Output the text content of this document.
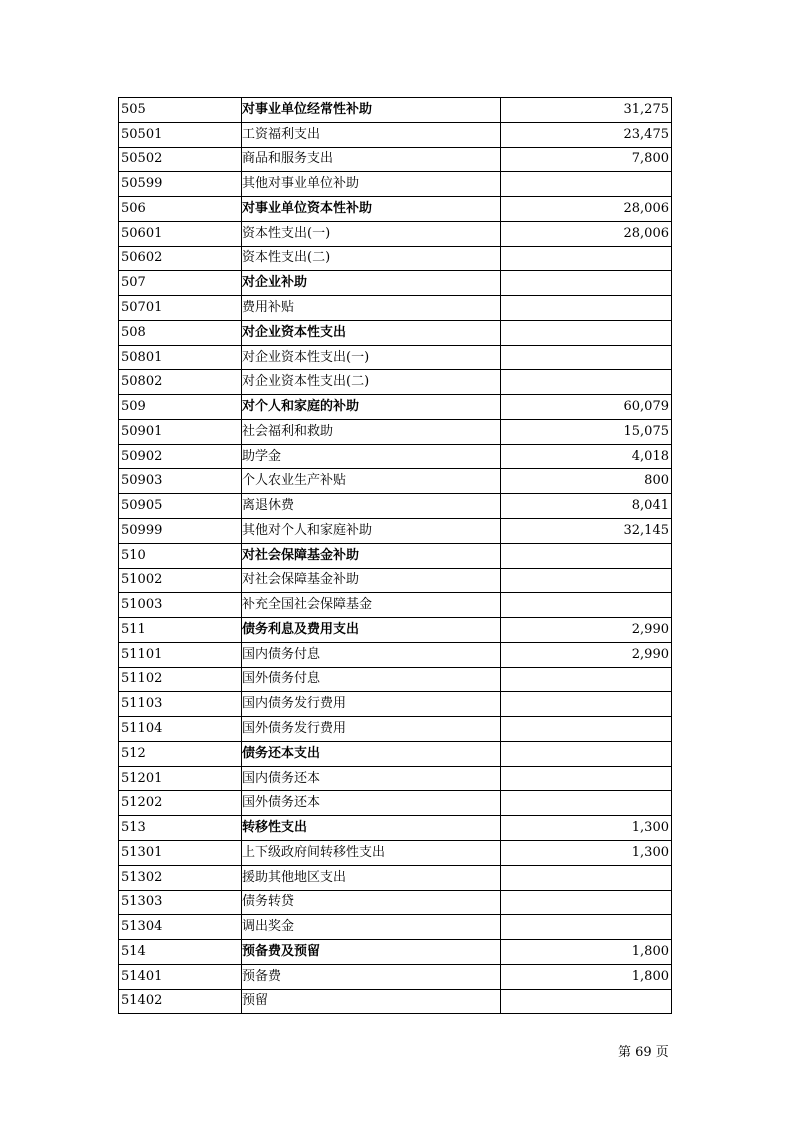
505	对事业单位经常性补助	31,275
50501	工资福利支出	23,475
50502	商品和服务支出	7,800
50599	其他对事业单位补助	
506	对事业单位资本性补助	28,006
50601	资本性支出(一)	28,006
50602	资本性支出(二)	
507	对企业补助	
50701	费用补贴	
508	对企业资本性支出	
50801	对企业资本性支出(一)	
50802	对企业资本性支出(二)	
509	对个人和家庭的补助	60,079
50901	社会福利和救助	15,075
50902	助学金	4,018
50903	个人农业生产补贴	800
50905	离退休费	8,041
50999	其他对个人和家庭补助	32,145
510	对社会保障基金补助	
51002	对社会保障基金补助	
51003	补充全国社会保障基金	
511	债务利息及费用支出	2,990
51101	国内债务付息	2,990
51102	国外债务付息	
51103	国内债务发行费用	
51104	国外债务发行费用	
512	债务还本支出	
51201	国内债务还本	
51202	国外债务还本	
513	转移性支出	1,300
51301	上下级政府间转移性支出	1,300
51302	援助其他地区支出	
51303	债务转贷	
51304	调出奖金	
514	预备费及预留	1,800
51401	预备费	1,800
51402	预留	
第 69 页
